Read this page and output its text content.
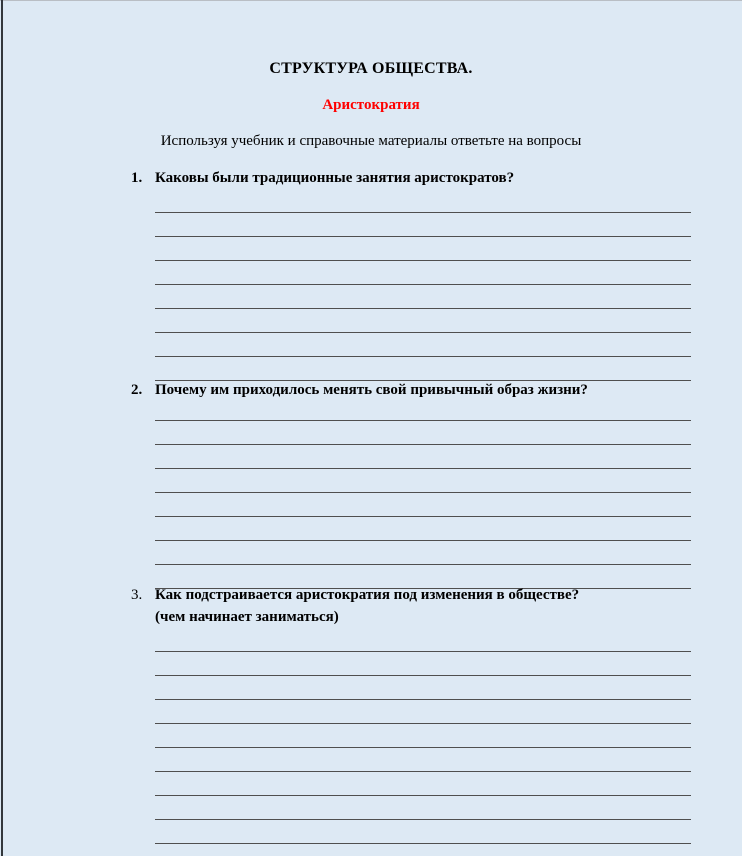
СТРУКТУРА ОБЩЕСТВА.
Аристократия
Используя учебник и справочные материалы ответьте на вопросы
1. Каковы были традиционные занятия аристократов?
2. Почему им приходилось менять свой привычный образ жизни?
3. Как подстраивается аристократия под изменения в обществе?
(чем начинает заниматься)
